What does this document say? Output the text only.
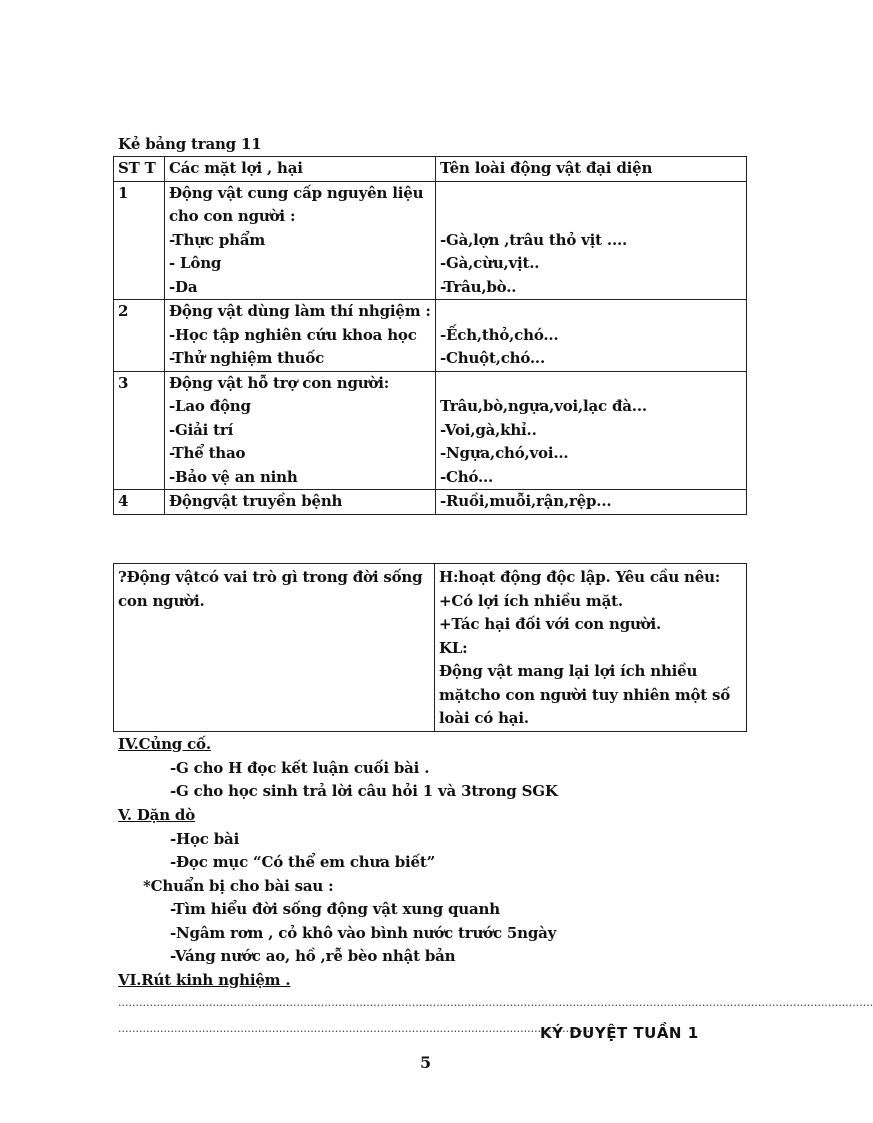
Kẻ bảng trang 11
ST T	Các mặt lợi , hại	Tên loài động vật đại diện

1	Động vật cung cấp nguyên liệu
cho con người :
-Thực phẩm
- Lông
-Da	-Gà,lợn ,trâu thỏ vịt ....
-Gà,cừu,vịt..
-Trâu,bò..

2	Động vật dùng làm thí nhgiệm :
-Học tập nghiên cứu khoa học
-Thử nghiệm thuốc	-Ếch,thỏ,chó...
-Chuột,chó...

3	Động vật hỗ trợ con người:
-Lao động
-Giải trí
-Thể thao
-Bảo vệ an ninh	Trâu,bò,ngựa,voi,lạc đà...
-Voi,gà,khỉ..
-Ngựa,chó,voi...
-Chó...

4	Độngvật truyền bệnh	-Ruồi,muỗi,rận,rệp...
?Động vậtcó vai trò gì trong đời sống
con người.

H:hoạt động độc lập. Yêu cầu nêu:
+Có lợi ích nhiều mặt.
+Tác hại đối với con người.
KL:
Động vật mang lại lợi ích nhiều
mặtcho con người tuy nhiên một số
loài có hại.
IV.Củng cố.
-G cho H đọc kết luận cuối bài .
-G cho học sinh trả lời câu hỏi 1 và 3trong SGK
V. Dặn dò
-Học bài
-Đọc mục “Có thể em chưa biết”
*Chuẩn bị cho bài sau :
-Tìm hiểu đời sống động vật xung quanh
-Ngâm rơm , cỏ khô vào bình nước trước 5ngày
-Váng nước ao, hồ ,rễ bèo nhật bản
VI.Rút kinh nghiệm .
........................................................................................................................................................................................................................
........................................................................................................................................
KÝ DUYỆT TUẦN 1
5
